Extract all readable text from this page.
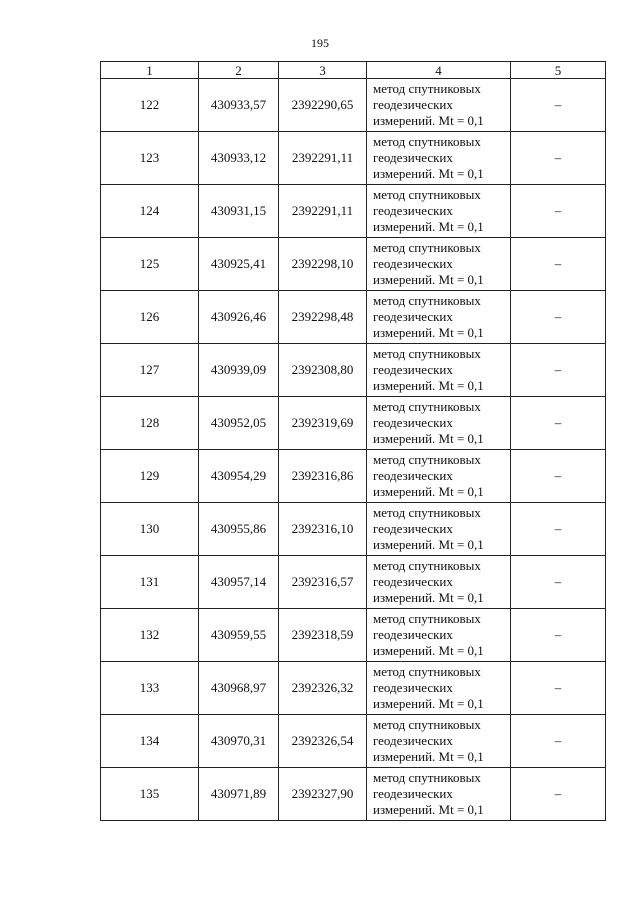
195
1	2	3	4	5
122	430933,57	2392290,65	метод спутниковых
геодезических
измерений. Mt = 0,1	–
123	430933,12	2392291,11	метод спутниковых
геодезических
измерений. Mt = 0,1	–
124	430931,15	2392291,11	метод спутниковых
геодезических
измерений. Mt = 0,1	–
125	430925,41	2392298,10	метод спутниковых
геодезических
измерений. Mt = 0,1	–
126	430926,46	2392298,48	метод спутниковых
геодезических
измерений. Mt = 0,1	–
127	430939,09	2392308,80	метод спутниковых
геодезических
измерений. Mt = 0,1	–
128	430952,05	2392319,69	метод спутниковых
геодезических
измерений. Mt = 0,1	–
129	430954,29	2392316,86	метод спутниковых
геодезических
измерений. Mt = 0,1	–
130	430955,86	2392316,10	метод спутниковых
геодезических
измерений. Mt = 0,1	–
131	430957,14	2392316,57	метод спутниковых
геодезических
измерений. Mt = 0,1	–
132	430959,55	2392318,59	метод спутниковых
геодезических
измерений. Mt = 0,1	–
133	430968,97	2392326,32	метод спутниковых
геодезических
измерений. Mt = 0,1	–
134	430970,31	2392326,54	метод спутниковых
геодезических
измерений. Mt = 0,1	–
135	430971,89	2392327,90	метод спутниковых
геодезических
измерений. Mt = 0,1	–
